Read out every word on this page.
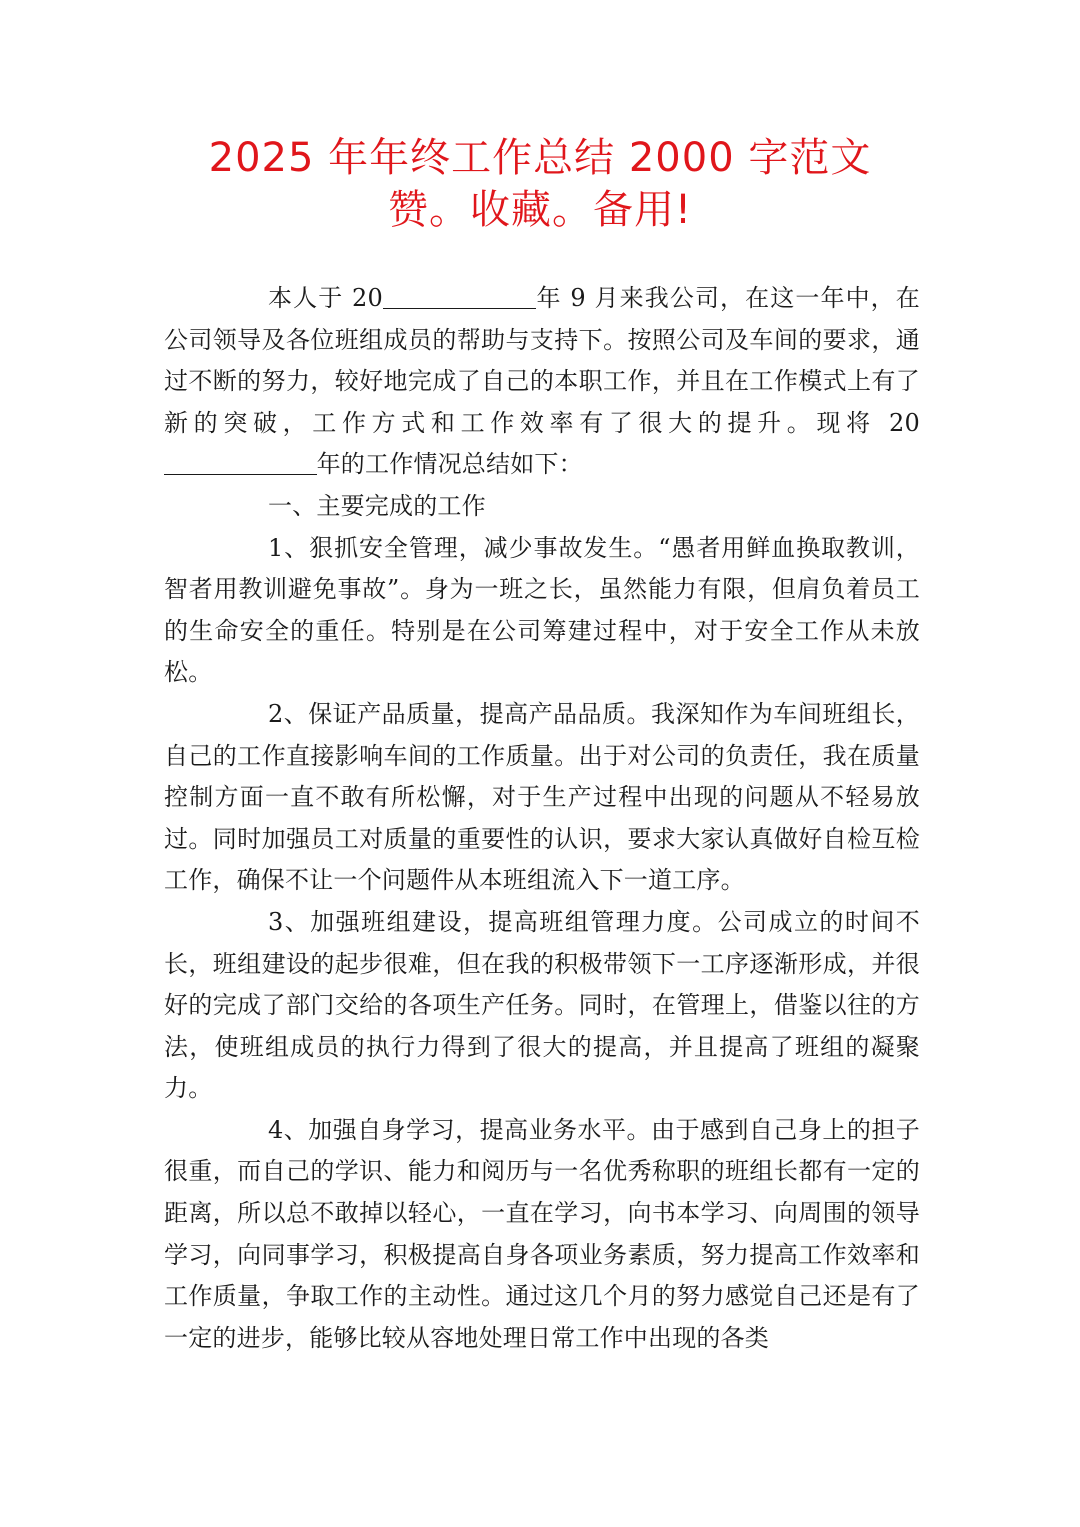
2025 年年终工作总结 2000 字范文
赞。收藏。备用!

本人于 20 	年 9 月来我公司，在这一年中，在公司领导及各位班组成员的帮助与支持下。按照公司及车间的要求，通过不断的努力，较好地完成了自己的本职工作，并且在工作模式上有了新的突破，工作方式和工作效率有了很大的提升。现将 20 年的工作情况总结如下：

一、主要完成的工作

1、狠抓安全管理，减少事故发生。“愚者用鲜血换取教训，智者用教训避免事故”。身为一班之长，虽然能力有限，但肩负着员工的生命安全的重任。特别是在公司筹建过程中，对于安全工作从未放松。

2、保证产品质量，提高产品品质。我深知作为车间班组长，自己的工作直接影响车间的工作质量。出于对公司的负责任，我在质量控制方面一直不敢有所松懈，对于生产过程中出现的问题从不轻易放过。同时加强员工对质量的重要性的认识，要求大家认真做好自检互检工作，确保不让一个问题件从本班组流入下一道工序。

3、加强班组建设，提高班组管理力度。公司成立的时间不长，班组建设的起步很难，但在我的积极带领下一工序逐渐形成，并很好的完成了部门交给的各项生产任务。同时，在管理上，借鉴以往的方法，使班组成员的执行力得到了很大的提高，并且提高了班组的凝聚力。

4、加强自身学习，提高业务水平。由于感到自己身上的担子很重，而自己的学识、能力和阅历与一名优秀称职的班组长都有一定的距离，所以总不敢掉以轻心，一直在学习，向书本学习、向周围的领导学习，向同事学习，积极提高自身各项业务素质，努力提高工作效率和工作质量，争取工作的主动性。通过这几个月的努力感觉自己还是有了一定的进步，能够比较从容地处理日常工作中出现的各类
